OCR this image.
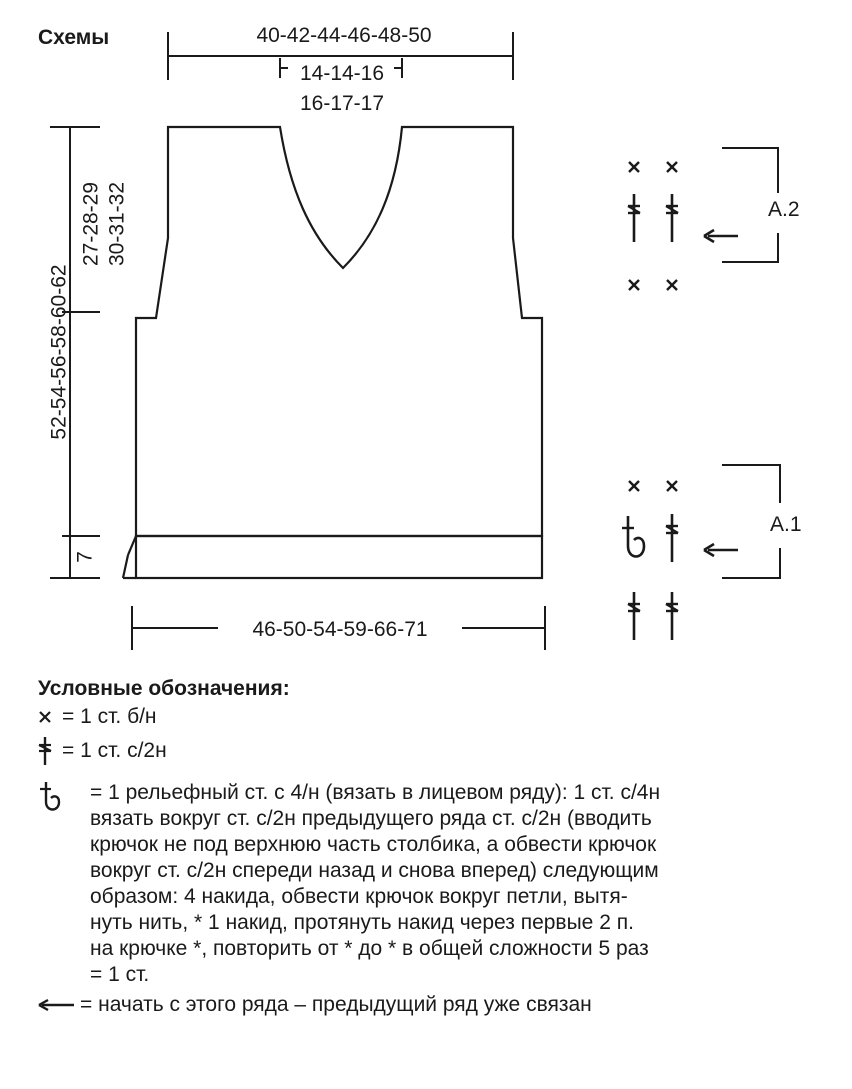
Схемы	40-42-44-46-48-50
14-14-16
16-17-17
52-54-56-58-60-62
27-28-29 30-31-32
7
46-50-54-59-66-71
A.2
A.1
Условные обозначения:
= 1 ст. б/н
= 1 ст. с/2н
= 1 рельефный ст. с 4/н (вязать в лицевом ряду): 1 ст. с/4н
вязать вокруг ст. с/2н предыдущего ряда ст. с/2н (вводить
крючок не под верхнюю часть столбика, а обвести крючок
вокруг ст. с/2н спереди назад и снова вперед) следующим
образом: 4 накида, обвести крючок вокруг петли, вытя-
нуть нить, * 1 накид, протянуть накид через первые 2 п.
на крючке *, повторить от * до * в общей сложности 5 раз
= 1 ст.
= начать с этого ряда – предыдущий ряд уже связан
